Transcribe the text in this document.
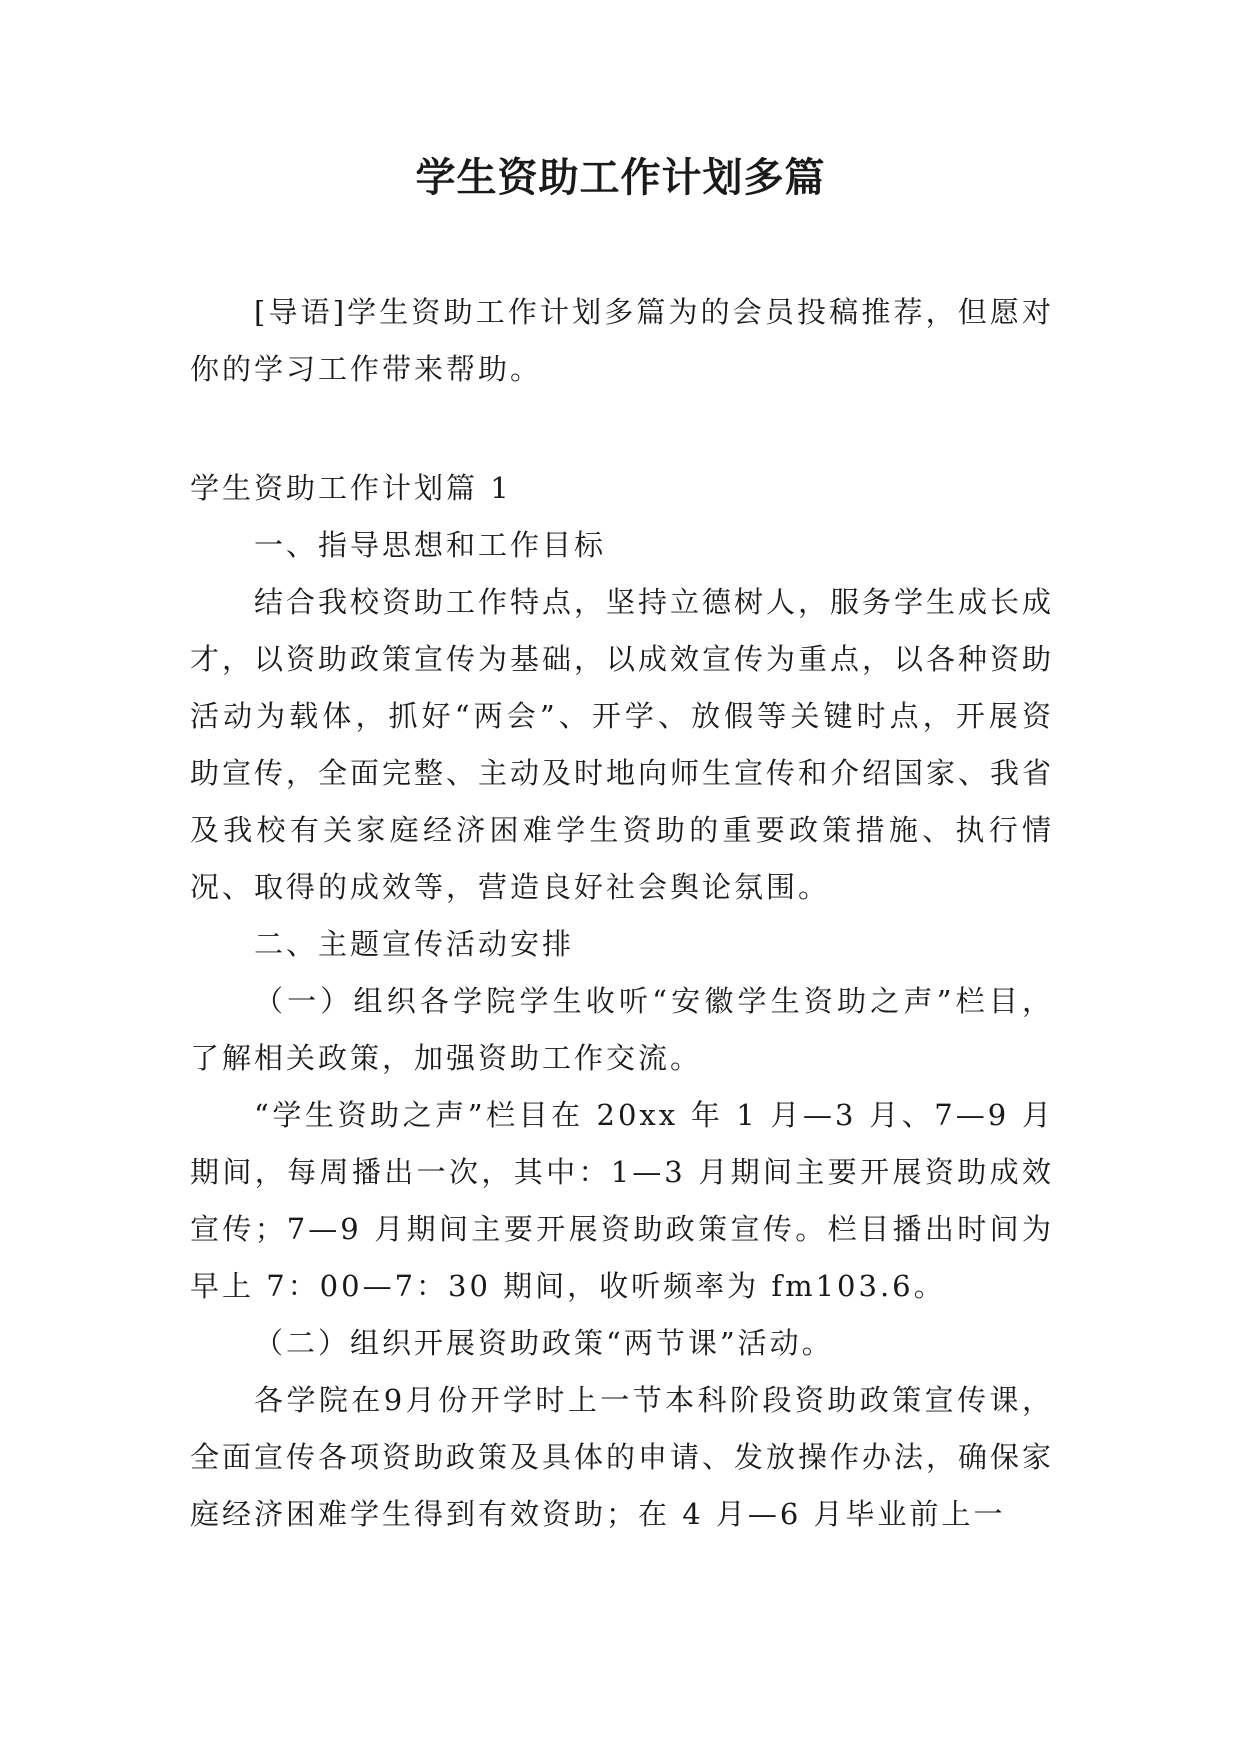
学生资助工作计划多篇

[导语]学生资助工作计划多篇为的会员投稿推荐，但愿对你的学习工作带来帮助。

学生资助工作计划篇 1

一、指导思想和工作目标

结合我校资助工作特点，坚持立德树人，服务学生成长成才，以资助政策宣传为基础，以成效宣传为重点，以各种资助活动为载体，抓好“两会”、开学、放假等关键时点，开展资助宣传，全面完整、主动及时地向师生宣传和介绍国家、我省及我校有关家庭经济困难学生资助的重要政策措施、执行情况、取得的成效等，营造良好社会舆论氛围。

二、主题宣传活动安排

（一）组织各学院学生收听“安徽学生资助之声”栏目，了解相关政策，加强资助工作交流。

“学生资助之声”栏目在 20xx 年 1 月—3 月、7—9 月期间，每周播出一次，其中：1—3 月期间主要开展资助成效宣传；7—9 月期间主要开展资助政策宣传。栏目播出时间为早上 7：00—7：30 期间，收听频率为 fm103.6。

（二）组织开展资助政策“两节课”活动。

各学院在9月份开学时上一节本科阶段资助政策宣传课，全面宣传各项资助政策及具体的申请、发放操作办法，确保家庭经济困难学生得到有效资助；在 4 月—6 月毕业前上一
